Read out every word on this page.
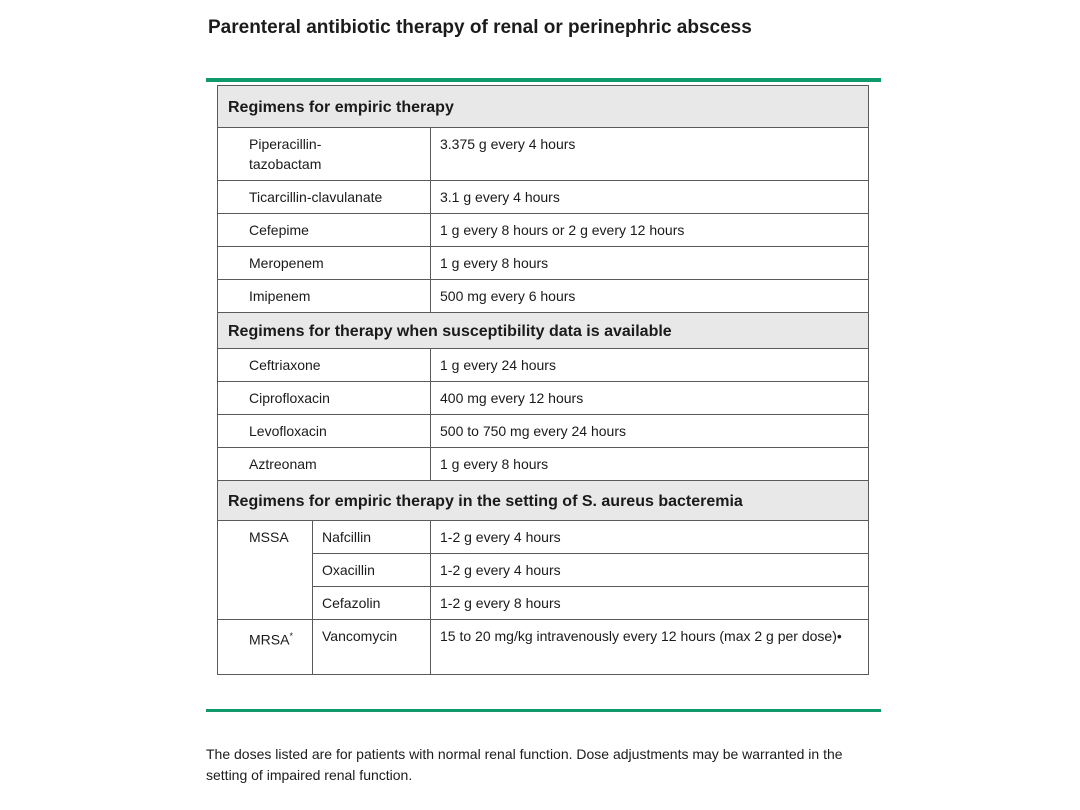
Parenteral antibiotic therapy of renal or perinephric abscess
Regimens for empiric therapy		
Piperacillin-tazobactam		3.375 g every 4 hours
Ticarcillin-clavulanate		3.1 g every 4 hours
Cefepime		1 g every 8 hours or 2 g every 12 hours
Meropenem		1 g every 8 hours
Imipenem		500 mg every 6 hours
Regimens for therapy when susceptibility data is available		
Ceftriaxone		1 g every 24 hours
Ciprofloxacin		400 mg every 12 hours
Levofloxacin		500 to 750 mg every 24 hours
Aztreonam		1 g every 8 hours
Regimens for empiric therapy in the setting of S. aureus bacteremia		
MSSA	Nafcillin	1-2 g every 4 hours
	Oxacillin	1-2 g every 4 hours
	Cefazolin	1-2 g every 8 hours
MRSA*	Vancomycin	15 to 20 mg/kg intravenously every 12 hours (max 2 g per dose)•
The doses listed are for patients with normal renal function. Dose adjustments may be warranted in the setting of impaired renal function.
